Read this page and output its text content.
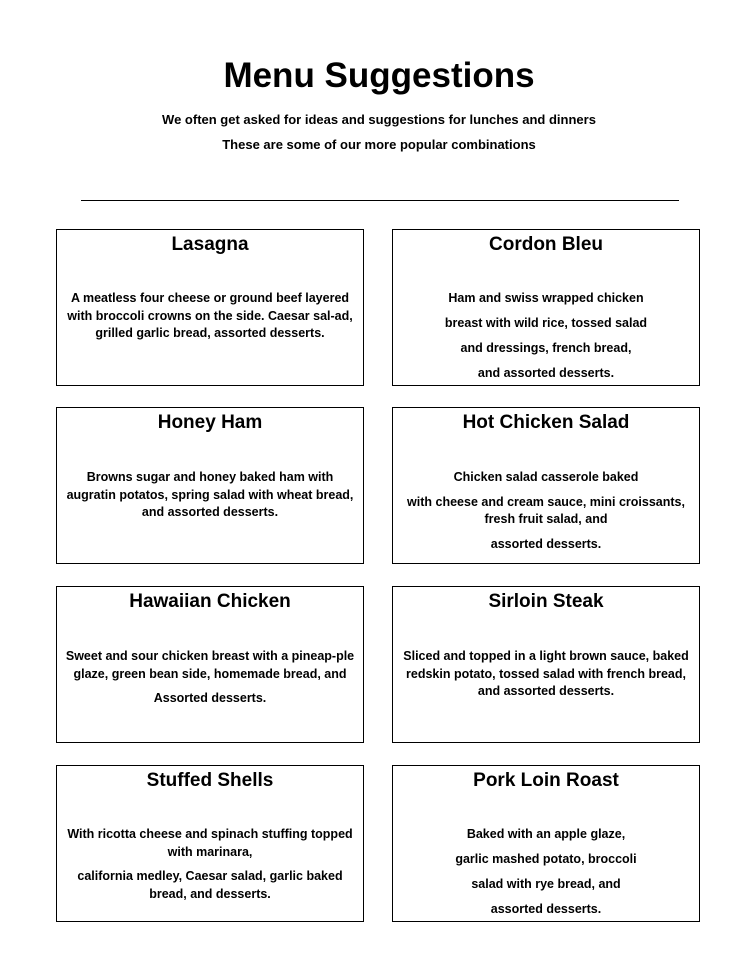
Menu Suggestions
We often get asked for ideas and suggestions for lunches and dinners
These are some of our more popular combinations
Lasagna

A meatless four cheese or ground beef layered with broccoli crowns on the side. Caesar sal-ad, grilled garlic bread, assorted desserts.

Cordon Bleu

Ham and swiss wrapped chicken

breast with wild rice, tossed salad

and dressings, french bread,

and assorted desserts.

Honey Ham

Browns sugar and honey baked ham with augratin potatos, spring salad with wheat bread, and assorted desserts.

Hot Chicken Salad

Chicken salad casserole baked

with cheese and cream sauce, mini croissants, fresh fruit salad, and

assorted desserts.

Hawaiian Chicken

Sweet and sour chicken breast with a pineap-ple glaze, green bean side, homemade bread, and

Assorted desserts.

Sirloin Steak

Sliced and topped in a light brown sauce, baked redskin potato, tossed salad with french bread, and assorted desserts.

Stuffed Shells

With ricotta cheese and spinach stuffing topped with marinara,

california medley, Caesar salad, garlic baked bread, and desserts.

Pork Loin Roast

Baked with an apple glaze,

garlic mashed potato, broccoli

salad with rye bread, and

assorted desserts.
